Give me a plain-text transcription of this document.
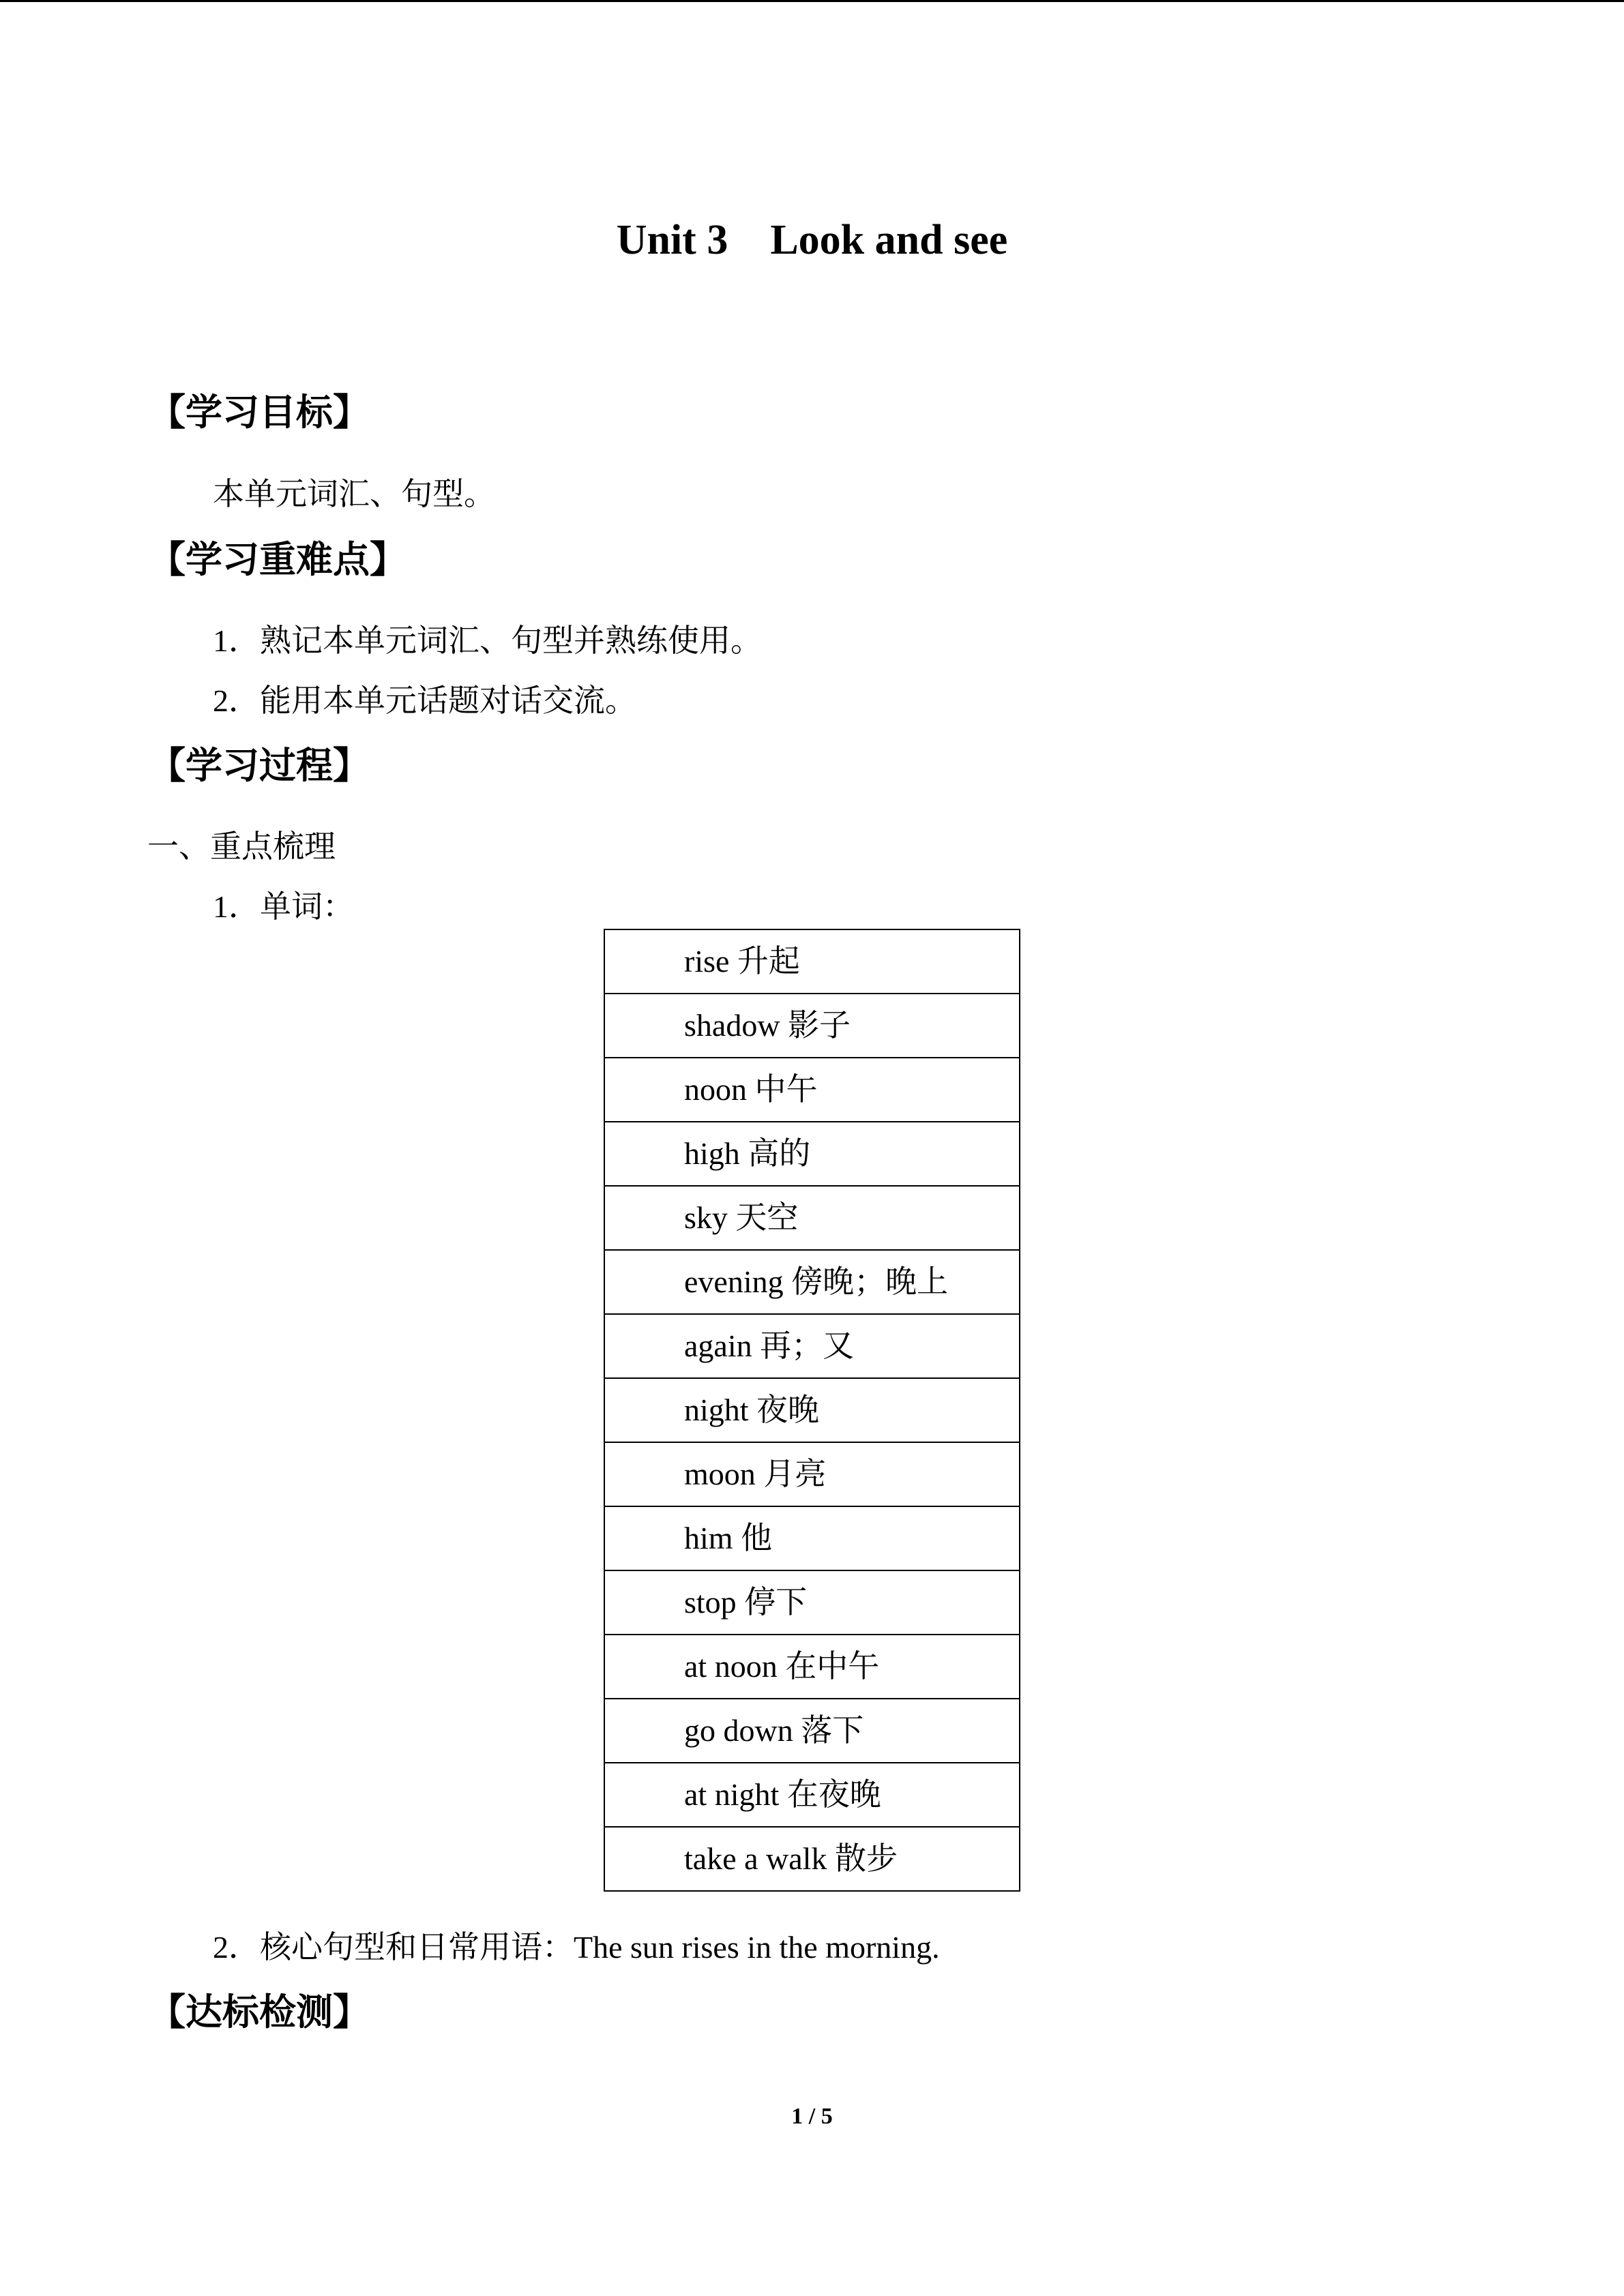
Unit 3    Look and see
【学习目标】
本单元词汇、句型。
【学习重难点】
1．熟记本单元词汇、句型并熟练使用。
2．能用本单元话题对话交流。
【学习过程】
一、重点梳理
1．单词：
rise 升起
shadow 影子
noon 中午
high 高的
sky 天空
evening 傍晚；晚上
again 再；又
night 夜晚
moon 月亮
him 他
stop 停下
at noon 在中午
go down 落下
at night 在夜晚
take a walk 散步
2．核心句型和日常用语：The sun rises in the morning.
【达标检测】
1 / 5
